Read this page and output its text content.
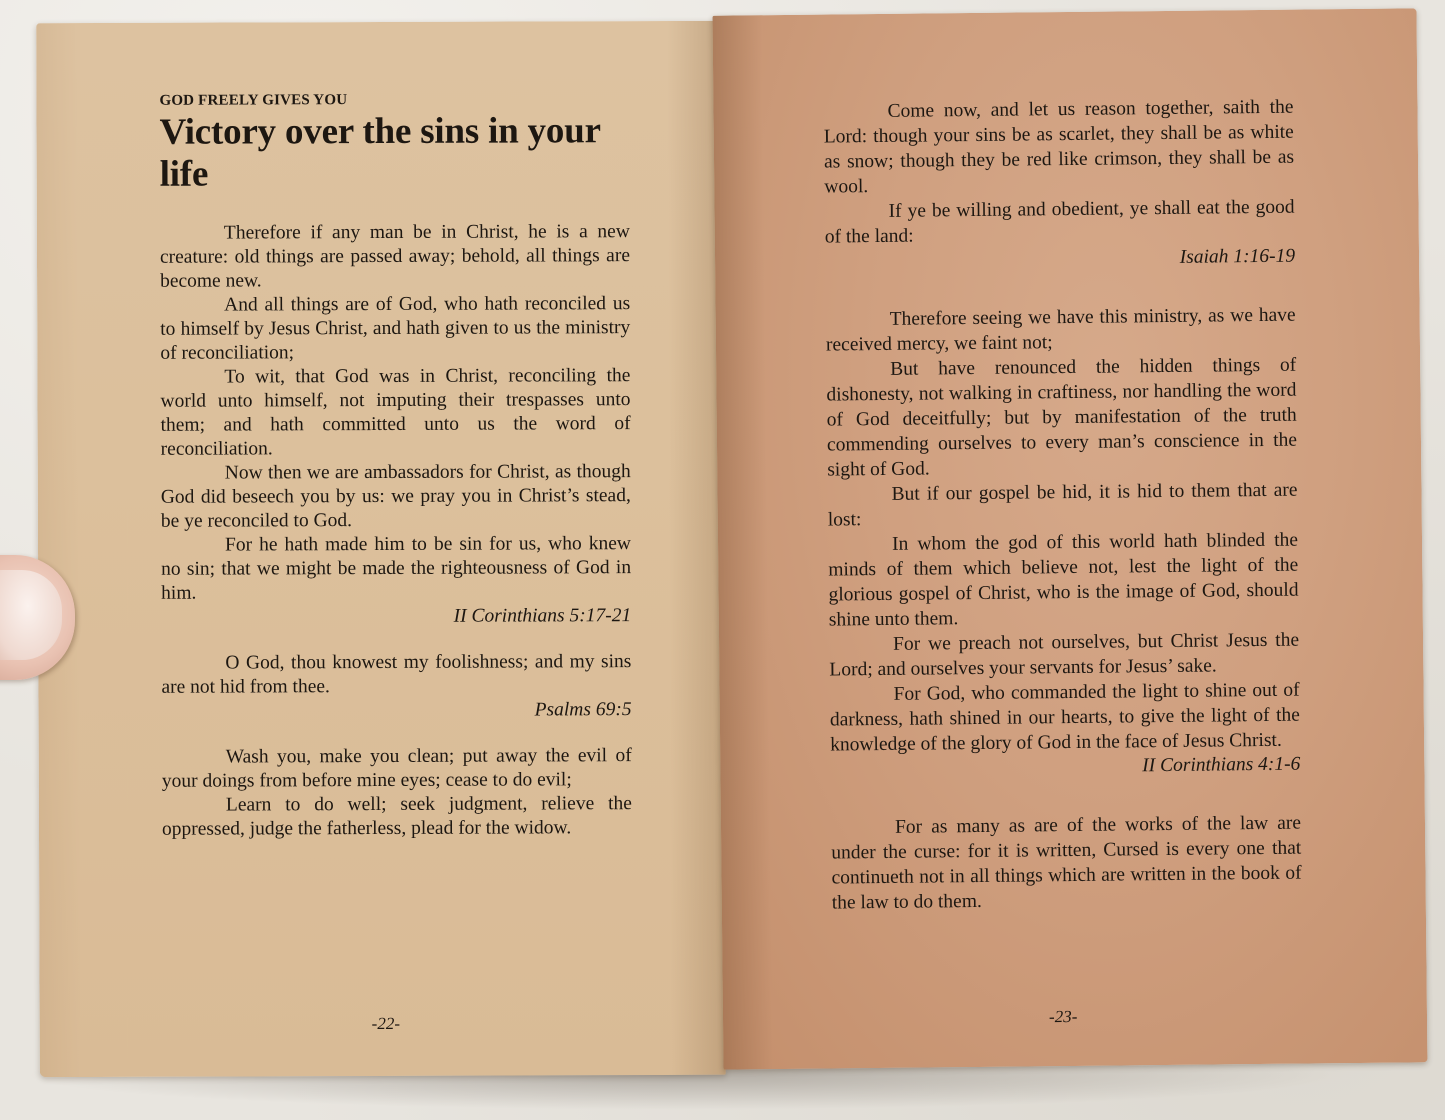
GOD FREELY GIVES YOU

Victory over the sins in your life

Therefore if any man be in Christ, he is a new creature: old things are passed away; behold, all things are become new.

And all things are of God, who hath reconciled us to himself by Jesus Christ, and hath given to us the ministry of reconciliation;

To wit, that God was in Christ, reconciling the world unto himself, not imputing their trespasses unto them; and hath committed unto us the word of reconciliation.

Now then we are ambassadors for Christ, as though God did beseech you by us: we pray you in Christ’s stead, be ye reconciled to God.

For he hath made him to be sin for us, who knew no sin; that we might be made the righteousness of God in him.

II Corinthians 5:17-21

O God, thou knowest my foolishness; and my sins are not hid from thee.

Psalms 69:5

Wash you, make you clean; put away the evil of your doings from before mine eyes; cease to do evil;

Learn to do well; seek judgment, relieve the oppressed, judge the fatherless, plead for the widow.

-22-

Come now, and let us reason together, saith the Lord: though your sins be as scarlet, they shall be as white as snow; though they be red like crimson, they shall be as wool.

If ye be willing and obedient, ye shall eat the good of the land:

Isaiah 1:16-19

Therefore seeing we have this ministry, as we have received mercy, we faint not;

But have renounced the hidden things of dishonesty, not walking in craftiness, nor handling the word of God deceitfully; but by manifestation of the truth commending ourselves to every man’s conscience in the sight of God.

But if our gospel be hid, it is hid to them that are lost:

In whom the god of this world hath blinded the minds of them which believe not, lest the light of the glorious gospel of Christ, who is the image of God, should shine unto them.

For we preach not ourselves, but Christ Jesus the Lord; and ourselves your servants for Jesus’ sake.

For God, who commanded the light to shine out of darkness, hath shined in our hearts, to give the light of the knowledge of the glory of God in the face of Jesus Christ.

II Corinthians 4:1-6

For as many as are of the works of the law are under the curse: for it is written, Cursed is every one that continueth not in all things which are written in the book of the law to do them.

-23-
